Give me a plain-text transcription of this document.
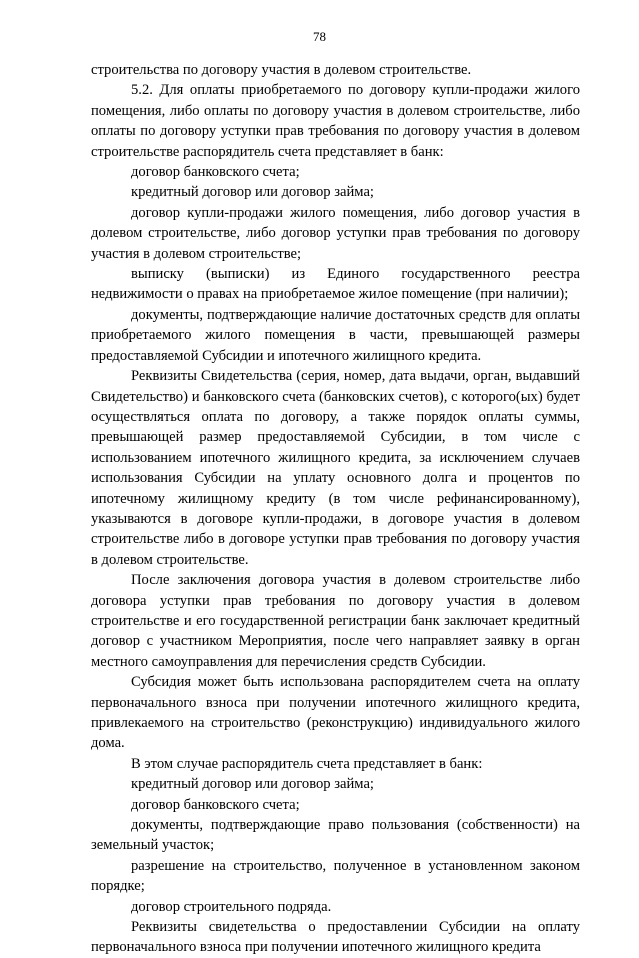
78

строительства по договору участия в долевом строительстве.

5.2. Для оплаты приобретаемого по договору купли-продажи жилого помещения, либо оплаты по договору участия в долевом строительстве, либо оплаты по договору уступки прав требования по договору участия в долевом строительстве распорядитель счета представляет в банк:

договор банковского счета;

кредитный договор или договор займа;

договор купли-продажи жилого помещения, либо договор участия в долевом строительстве, либо договор уступки прав требования по договору участия в долевом строительстве;

выписку (выписки) из Единого государственного реестра недвижимости о правах на приобретаемое жилое помещение (при наличии);

документы, подтверждающие наличие достаточных средств для оплаты приобретаемого жилого помещения в части, превышающей размеры предоставляемой Субсидии и ипотечного жилищного кредита.

Реквизиты Свидетельства (серия, номер, дата выдачи, орган, выдавший Свидетельство) и банковского счета (банковских счетов), с которого(ых) будет осуществляться оплата по договору, а также порядок оплаты суммы, превышающей размер предоставляемой Субсидии, в том числе с использованием ипотечного жилищного кредита, за исключением случаев использования Субсидии на уплату основного долга и процентов по ипотечному жилищному кредиту (в том числе рефинансированному), указываются в договоре купли-продажи, в договоре участия в долевом строительстве либо в договоре уступки прав требования по договору участия в долевом строительстве.

После заключения договора участия в долевом строительстве либо договора уступки прав требования по договору участия в долевом строительстве и его государственной регистрации банк заключает кредитный договор с участником Мероприятия, после чего направляет заявку в орган местного самоуправления для перечисления средств Субсидии.

Субсидия может быть использована распорядителем счета на оплату первоначального взноса при получении ипотечного жилищного кредита, привлекаемого на строительство (реконструкцию) индивидуального жилого дома.

В этом случае распорядитель счета представляет в банк:

кредитный договор или договор займа;

договор банковского счета;

документы, подтверждающие право пользования (собственности) на земельный участок;

разрешение на строительство, полученное в установленном законом порядке;

договор строительного подряда.

Реквизиты свидетельства о предоставлении Субсидии на оплату первоначального взноса при получении ипотечного жилищного кредита
